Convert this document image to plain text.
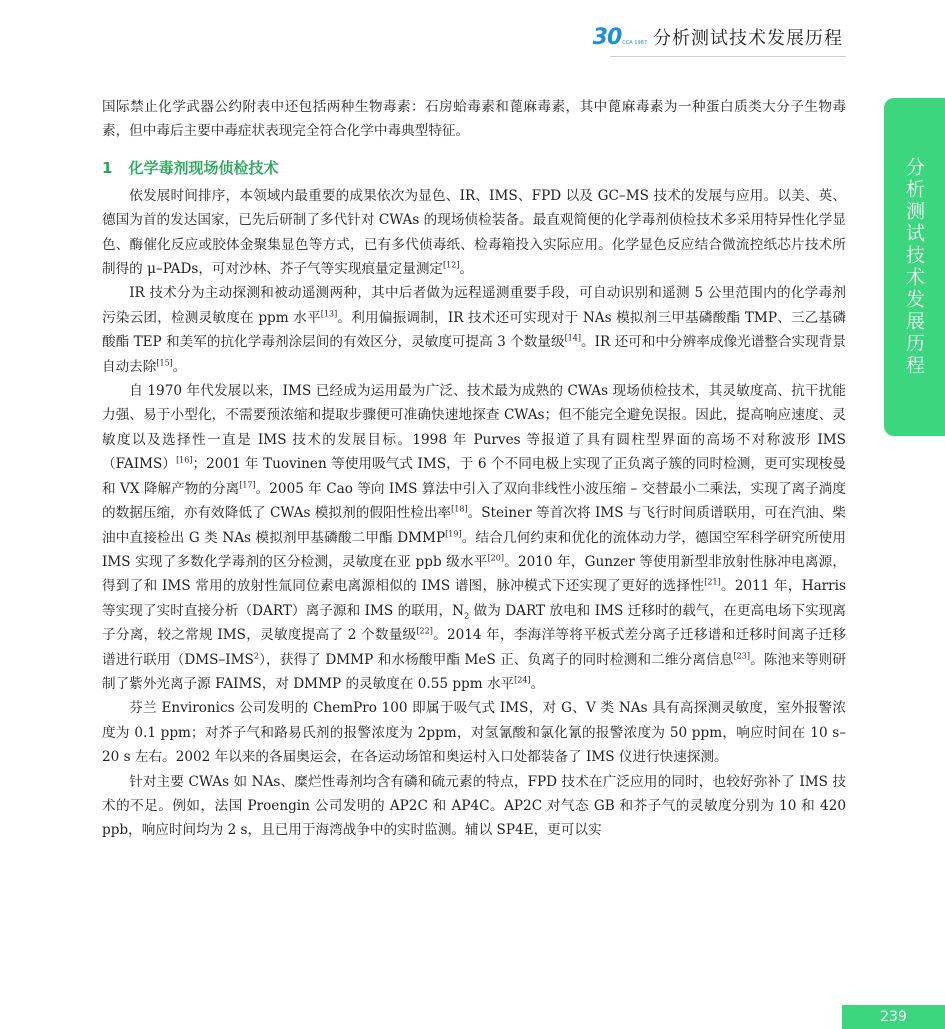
30 CCA 1987 分析测试技术发展历程
分析测试技术发展历程

国际禁止化学武器公约附表中还包括两种生物毒素：石房蛤毒素和蓖麻毒素，其中蓖麻毒素为一种蛋白质类大分子生物毒素，但中毒后主要中毒症状表现完全符合化学中毒典型特征。

1 化学毒剂现场侦检技术

依发展时间排序，本领域内最重要的成果依次为显色、IR、IMS、FPD 以及 GC–MS 技术的发展与应用。以美、英、德国为首的发达国家，已先后研制了多代针对 CWAs 的现场侦检装备。最直观简便的化学毒剂侦检技术多采用特异性化学显色、酶催化反应或胶体金聚集显色等方式，已有多代侦毒纸、检毒箱投入实际应用。化学显色反应结合微流控纸芯片技术所制得的 μ–PADs，可对沙林、芥子气等实现痕量定量测定[12]。

IR 技术分为主动探测和被动遥测两种，其中后者做为远程遥测重要手段，可自动识别和遥测 5 公里范围内的化学毒剂污染云团，检测灵敏度在 ppm 水平[13]。利用偏振调制，IR 技术还可实现对于 NAs 模拟剂三甲基磷酸酯 TMP、三乙基磷酸酯 TEP 和美军的抗化学毒剂涂层间的有效区分，灵敏度可提高 3 个数量级[14]。IR 还可和中分辨率成像光谱整合实现背景自动去除[15]。

自 1970 年代发展以来，IMS 已经成为运用最为广泛、技术最为成熟的 CWAs 现场侦检技术，其灵敏度高、抗干扰能力强、易于小型化，不需要预浓缩和提取步骤便可准确快速地探查 CWAs；但不能完全避免误报。因此，提高响应速度、灵敏度以及选择性一直是 IMS 技术的发展目标。1998 年 Purves 等报道了具有圆柱型界面的高场不对称波形 IMS（FAIMS）[16]；2001 年 Tuovinen 等使用吸气式 IMS，于 6 个不同电极上实现了正负离子簇的同时检测，更可实现梭曼和 VX 降解产物的分离[17]。2005 年 Cao 等向 IMS 算法中引入了双向非线性小波压缩 – 交替最小二乘法，实现了离子淌度的数据压缩，亦有效降低了 CWAs 模拟剂的假阳性检出率[18]。Steiner 等首次将 IMS 与飞行时间质谱联用，可在汽油、柴油中直接检出 G 类 NAs 模拟剂甲基磷酸二甲酯 DMMP[19]。结合几何约束和优化的流体动力学，德国空军科学研究所使用 IMS 实现了多数化学毒剂的区分检测，灵敏度在亚 ppb 级水平[20]。2010 年，Gunzer 等使用新型非放射性脉冲电离源，得到了和 IMS 常用的放射性氚同位素电离源相似的 IMS 谱图，脉冲模式下还实现了更好的选择性[21]。2011 年，Harris 等实现了实时直接分析（DART）离子源和 IMS 的联用，$N_2$ 做为 DART 放电和 IMS 迁移时的载气，在更高电场下实现离子分离，较之常规 IMS，灵敏度提高了 2 个数量级[22]。2014 年，李海洋等将平板式差分离子迁移谱和迁移时间离子迁移谱进行联用（DMS–IMS$^2$），获得了 DMMP 和水杨酸甲酯 MeS 正、负离子的同时检测和二维分离信息[23]。陈池来等则研制了紫外光离子源 FAIMS，对 DMMP 的灵敏度在 0.55 ppm 水平[24]。

芬兰 Environics 公司发明的 ChemPro 100 即属于吸气式 IMS，对 G、V 类 NAs 具有高探测灵敏度，室外报警浓度为 0.1 ppm；对芥子气和路易氏剂的报警浓度为 2ppm，对氢氰酸和氯化氰的报警浓度为 50 ppm，响应时间在 10 s–20 s 左右。2002 年以来的各届奥运会，在各运动场馆和奥运村入口处都装备了 IMS 仪进行快速探测。

针对主要 CWAs 如 NAs、糜烂性毒剂均含有磷和硫元素的特点，FPD 技术在广泛应用的同时，也较好弥补了 IMS 技术的不足。例如，法国 Proengin 公司发明的 AP2C 和 AP4C。AP2C 对气态 GB 和芥子气的灵敏度分别为 10 和 420 ppb，响应时间均为 2 s，且已用于海湾战争中的实时监测。辅以 SP4E，更可以实

239
